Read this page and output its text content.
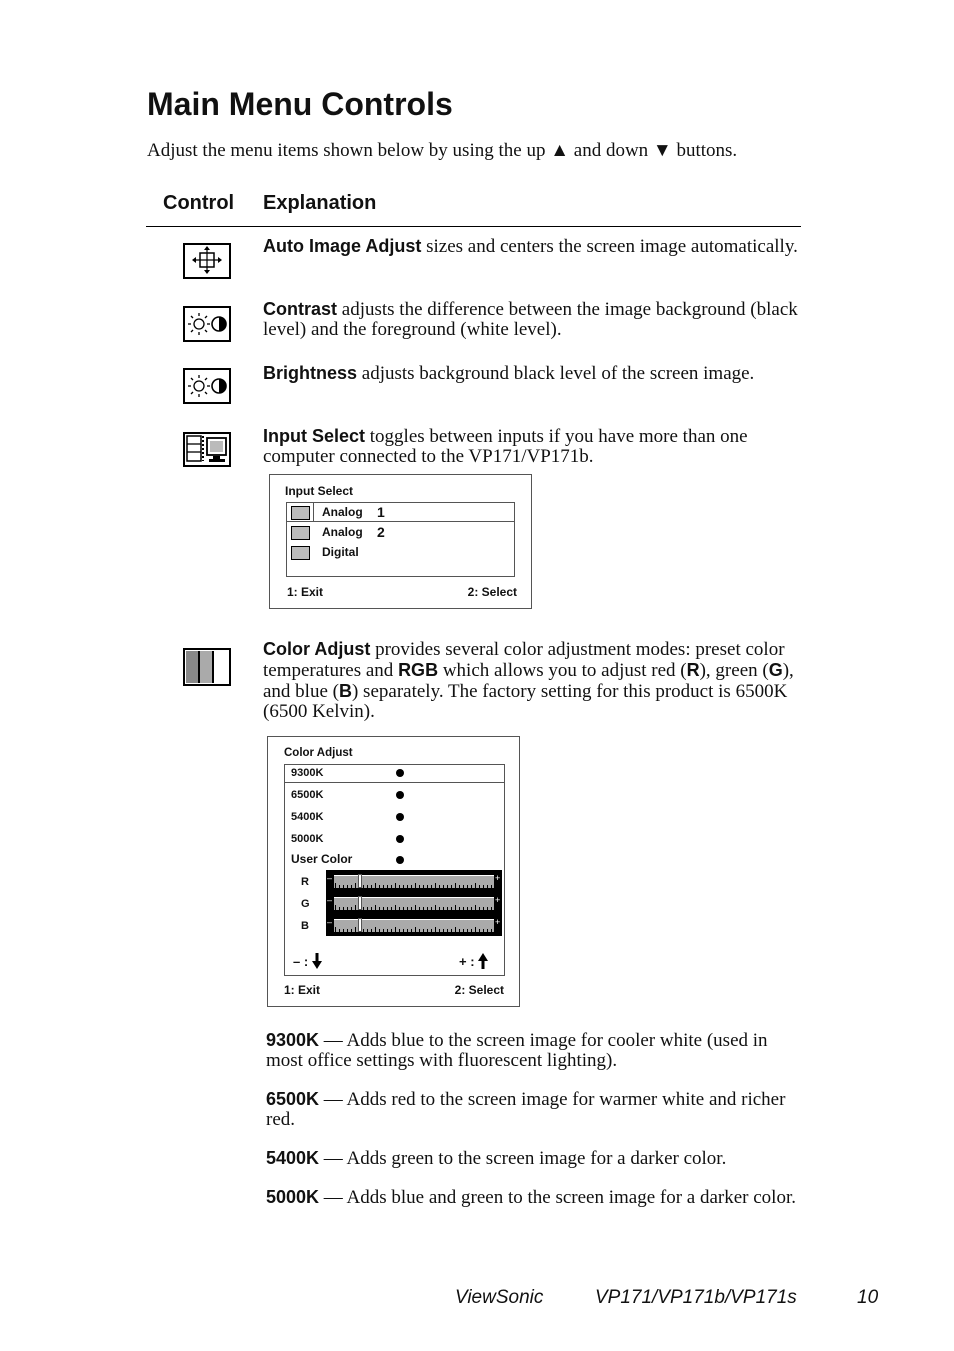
Main Menu Controls
Adjust the menu items shown below by using the up ▲ and down ▼ buttons.
Control Explanation
Auto Image Adjust sizes and centers the screen image automatically.
Contrast adjusts the difference between the image background (black level) and the foreground (white level).
Brightness adjusts background black level of the screen image.
Input Select toggles between inputs if you have more than one computer connected to the VP171/VP171b.
Input Select
Analog 1
Analog 2
Digital
1: Exit	2: Select
Color Adjust provides several color adjustment modes: preset color temperatures and RGB which allows you to adjust red (R), green (G), and blue (B) separately. The factory setting for this product is 6500K (6500 Kelvin).
Color Adjust
9300K
6500K
5400K
5000K
User Color
R
G
B
–	+
–	+
–	+
– :	+ :
1: Exit	2: Select
9300K — Adds blue to the screen image for cooler white (used in most office settings with fluorescent lighting).
6500K — Adds red to the screen image for warmer white and richer red.
5400K — Adds green to the screen image for a darker color.
5000K — Adds blue and green to the screen image for a darker color.
ViewSonic	VP171/VP171b/VP171s	10
